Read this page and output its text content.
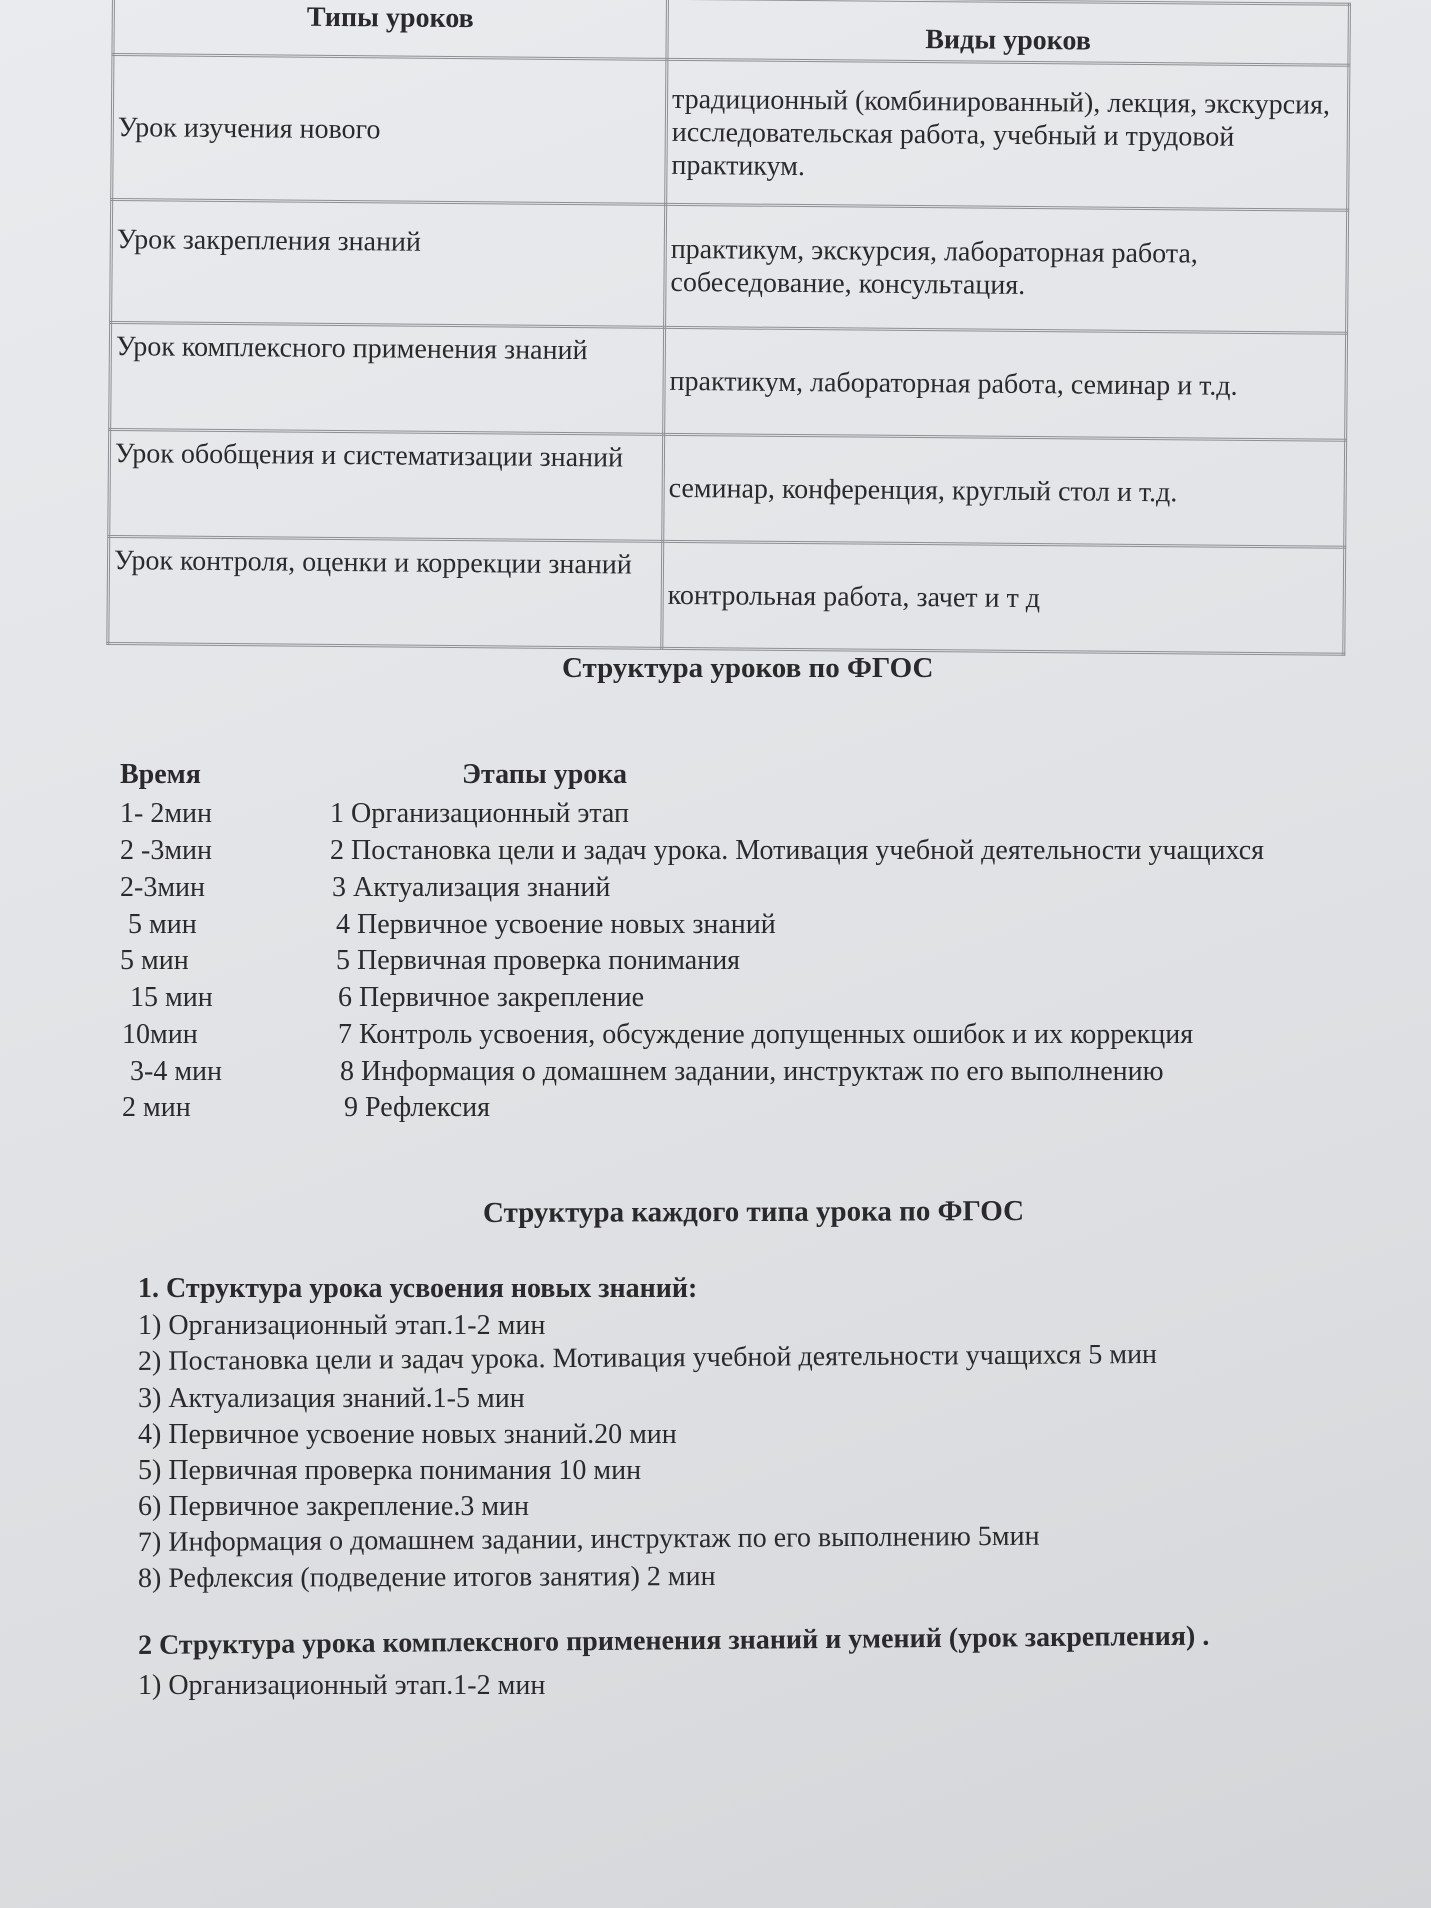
Типы уроков	Виды уроков
Урок изучения нового	традиционный (комбинированный), лекция, экскурсия, исследовательская работа, учебный и трудовой практикум.
Урок закрепления знаний	практикум, экскурсия, лабораторная работа, собеседование, консультация.
Урок комплексного применения знаний	практикум, лабораторная работа, семинар и т.д.
Урок обобщения и систематизации знаний	семинар, конференция, круглый стол и т.д.
Урок контроля, оценки и коррекции знаний	контрольная работа, зачет и т д
Структура уроков по ФГОС
Время	Этапы урока
1- 2мин	1 Организационный этап
2 -3мин	2 Постановка цели и задач урока. Мотивация учебной деятельности учащихся
2-3мин	3 Актуализация знаний
5 мин	4 Первичное усвоение новых знаний
5 мин	5 Первичная проверка понимания
15 мин	6 Первичное закрепление
10мин	7 Контроль усвоения, обсуждение допущенных ошибок и их коррекция
3-4 мин	8 Информация о домашнем задании, инструктаж по его выполнению
2 мин	9 Рефлексия
Структура каждого типа урока по ФГОС
1. Структура урока усвоения новых знаний:
1) Организационный этап.1-2 мин
2) Постановка цели и задач урока. Мотивация учебной деятельности учащихся 5 мин
3) Актуализация знаний.1-5 мин
4) Первичное усвоение новых знаний.20 мин
5) Первичная проверка понимания 10 мин
6) Первичное закрепление.3 мин
7) Информация о домашнем задании, инструктаж по его выполнению 5мин
8) Рефлексия (подведение итогов занятия) 2 мин
2 Структура урока комплексного применения знаний и умений (урок закрепления) .
1) Организационный этап.1-2 мин
